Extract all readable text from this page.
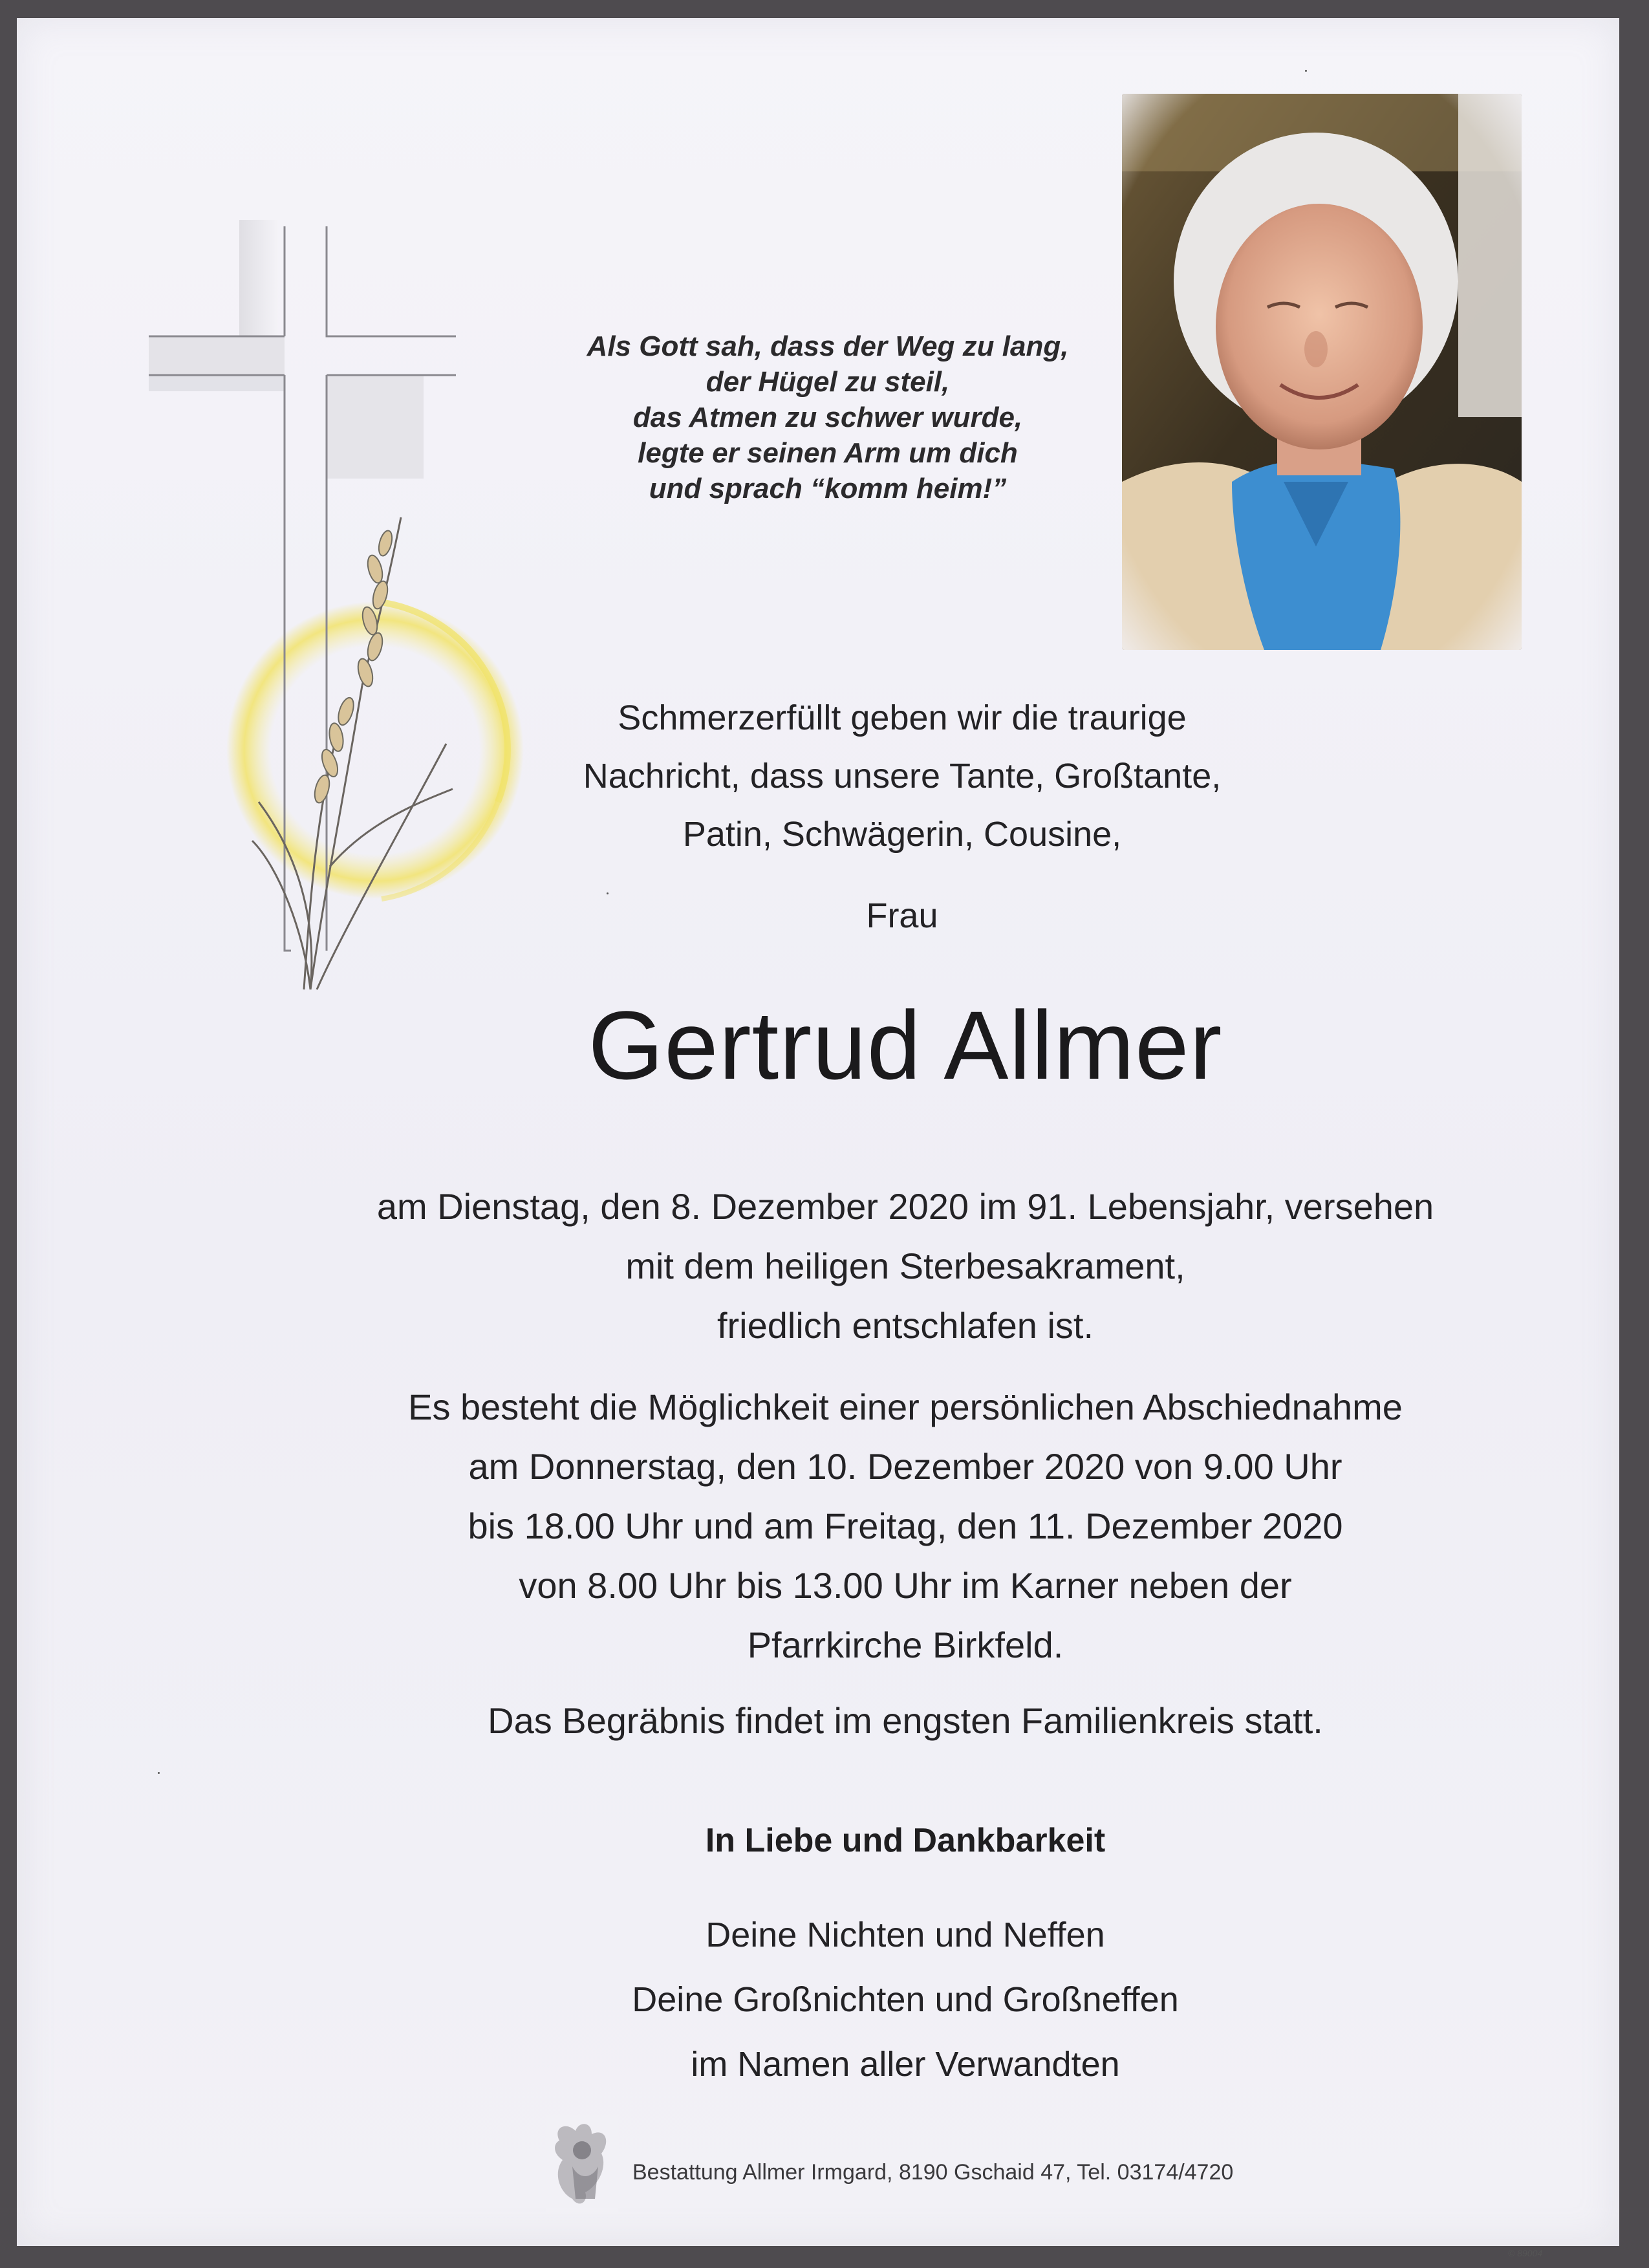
Als Gott sah, dass der Weg zu lang,
der Hügel zu steil,
das Atmen zu schwer wurde,
legte er seinen Arm um dich
und sprach “komm heim!”
Schmerzerfüllt geben wir die traurige
Nachricht, dass unsere Tante, Großtante,
Patin, Schwägerin, Cousine,
Frau
Gertrud Allmer
am Dienstag, den 8. Dezember 2020 im 91. Lebensjahr, versehen
mit dem heiligen Sterbesakrament,
friedlich entschlafen ist.
Es besteht die Möglichkeit einer persönlichen Abschiednahme
am Donnerstag, den 10. Dezember 2020 von 9.00 Uhr
bis 18.00 Uhr und am Freitag, den 11. Dezember 2020
von 8.00 Uhr bis 13.00 Uhr im Karner neben der
Pfarrkirche Birkfeld.
Das Begräbnis findet im engsten Familienkreis statt.
In Liebe und Dankbarkeit
Deine Nichten und Neffen
Deine Großnichten und Großneffen
im Namen aller Verwandten
Bestattung Allmer Irmgard, 8190 Gschaid 47, Tel. 03174/4720
© 89004
